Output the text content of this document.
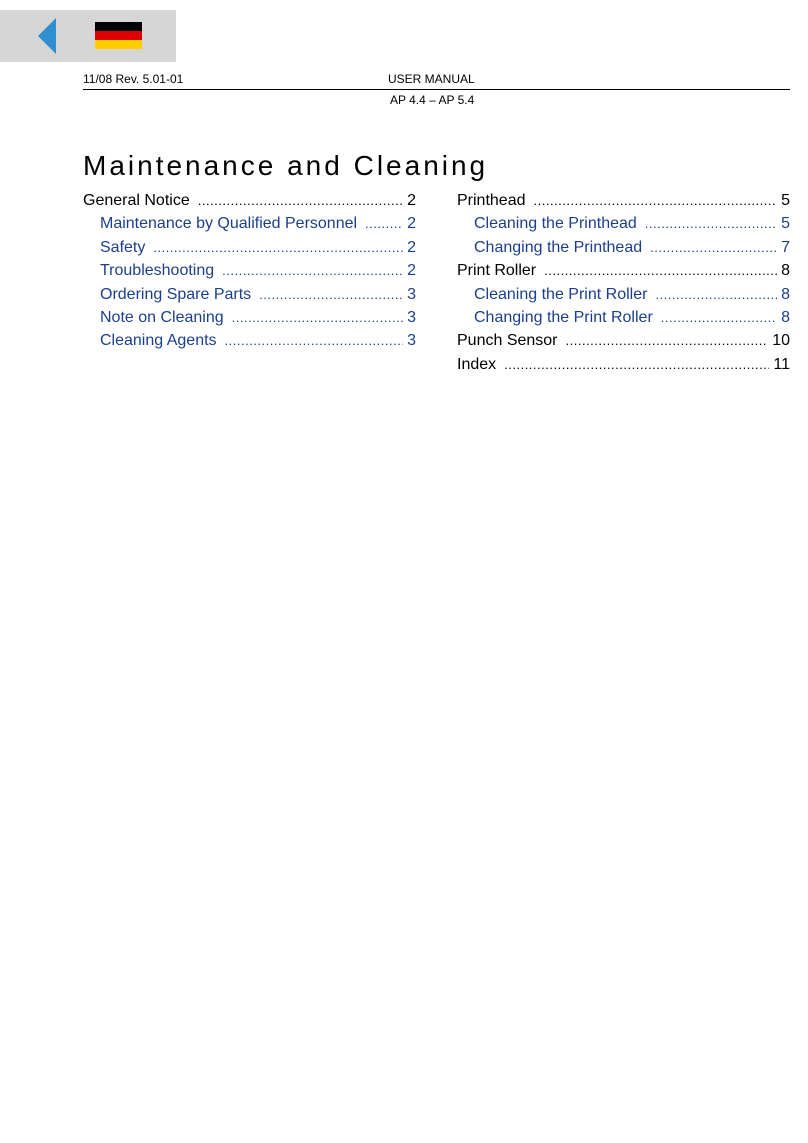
11/08 Rev. 5.01-01	USER MANUAL
AP 4.4 – AP 5.4
Maintenance and Cleaning
General Notice .....	2
Maintenance by Qualified Personnel .....	2
Safety .....	2
Troubleshooting .....	2
Ordering Spare Parts .....	3
Note on Cleaning .....	3
Cleaning Agents .....	3
Printhead .....	5
Cleaning the Printhead .....	5
Changing the Printhead .....	7
Print Roller .....	8
Cleaning the Print Roller .....	8
Changing the Print Roller .....	8
Punch Sensor .....	10
Index .....	11
